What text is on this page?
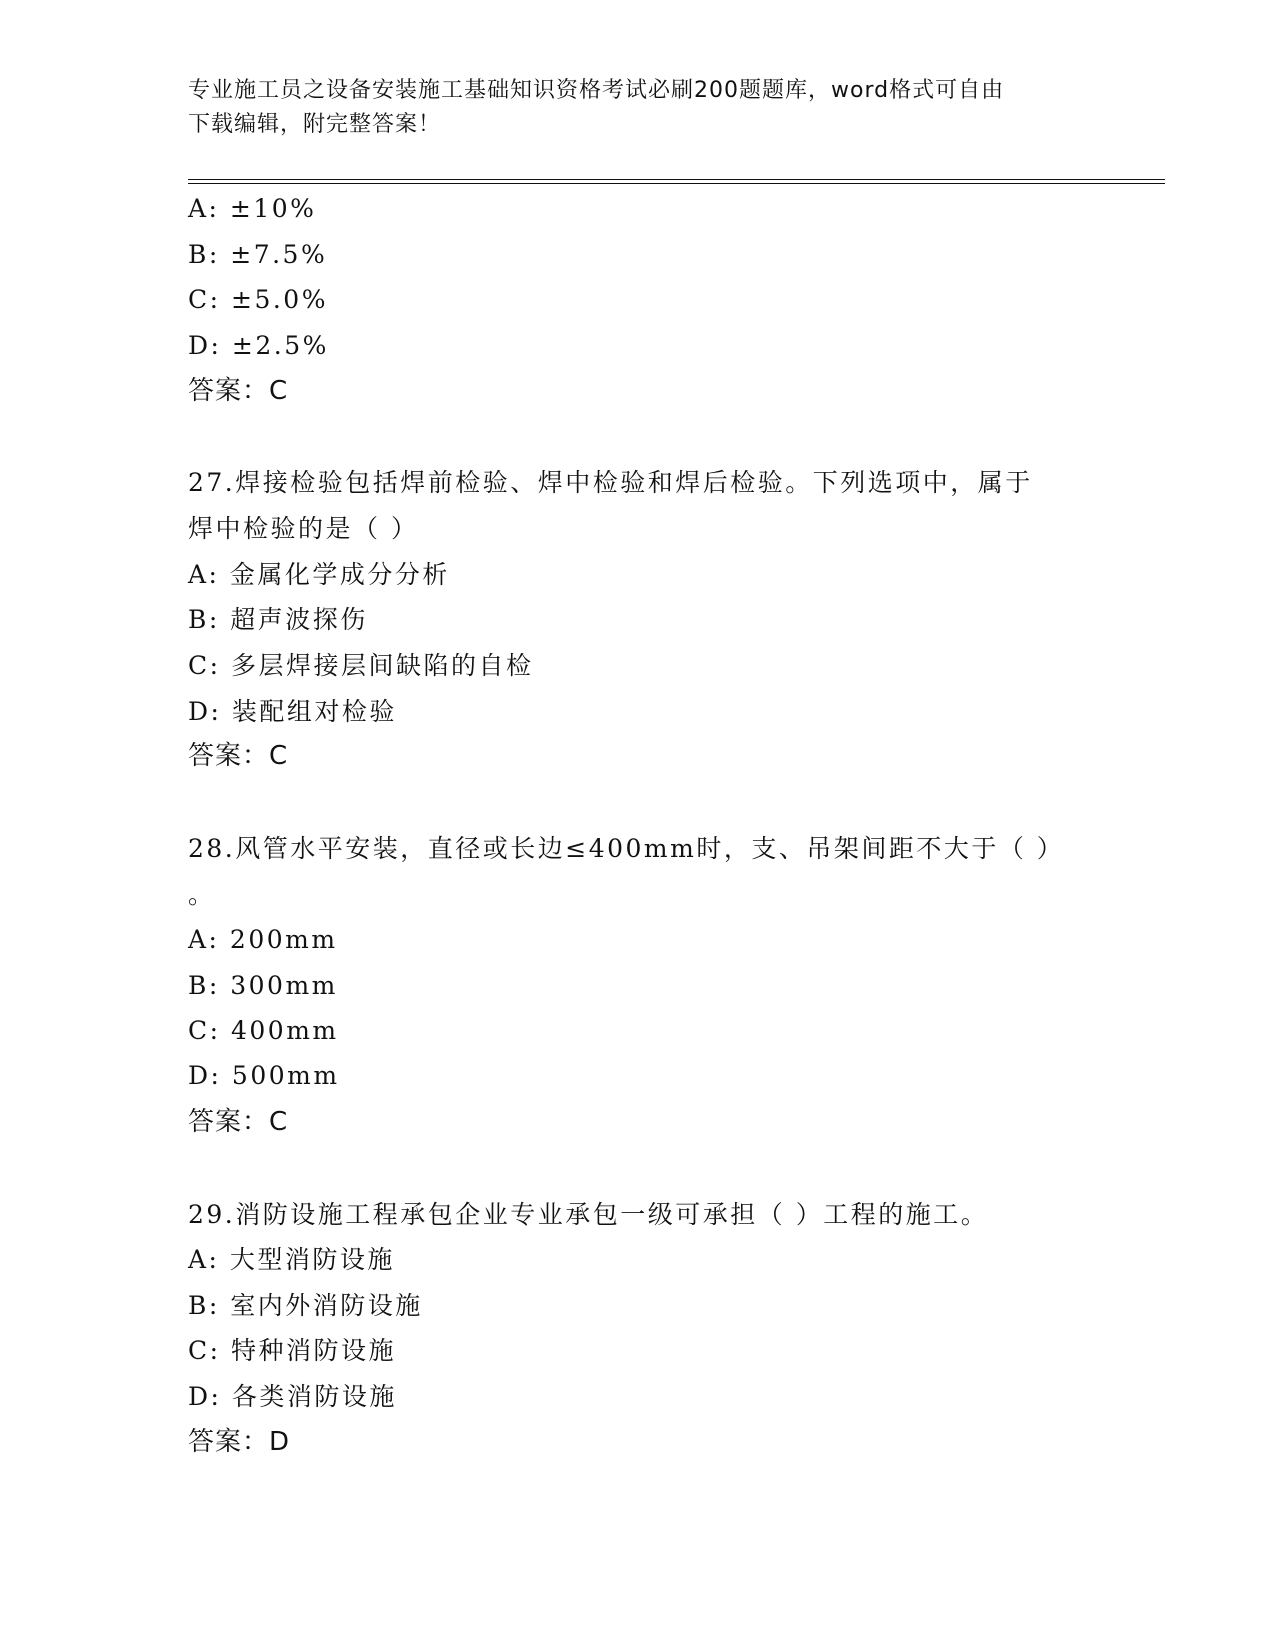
专业施工员之设备安装施工基础知识资格考试必刷200题题库，word格式可自由
下载编辑，附完整答案！
A: ±10%
B: ±7.5%
C: ±5.0%
D: ±2.5%
答案：C
27.焊接检验包括焊前检验、焊中检验和焊后检验。下列选项中，属于
焊中检验的是（ ）
A: 金属化学成分分析
B: 超声波探伤
C: 多层焊接层间缺陷的自检
D: 装配组对检验
答案：C
28.风管水平安装，直径或长边≤400mm时，支、吊架间距不大于（ ）
。
A: 200mm
B: 300mm
C: 400mm
D: 500mm
答案：C
29.消防设施工程承包企业专业承包一级可承担（ ）工程的施工。
A: 大型消防设施
B: 室内外消防设施
C: 特种消防设施
D: 各类消防设施
答案：D
